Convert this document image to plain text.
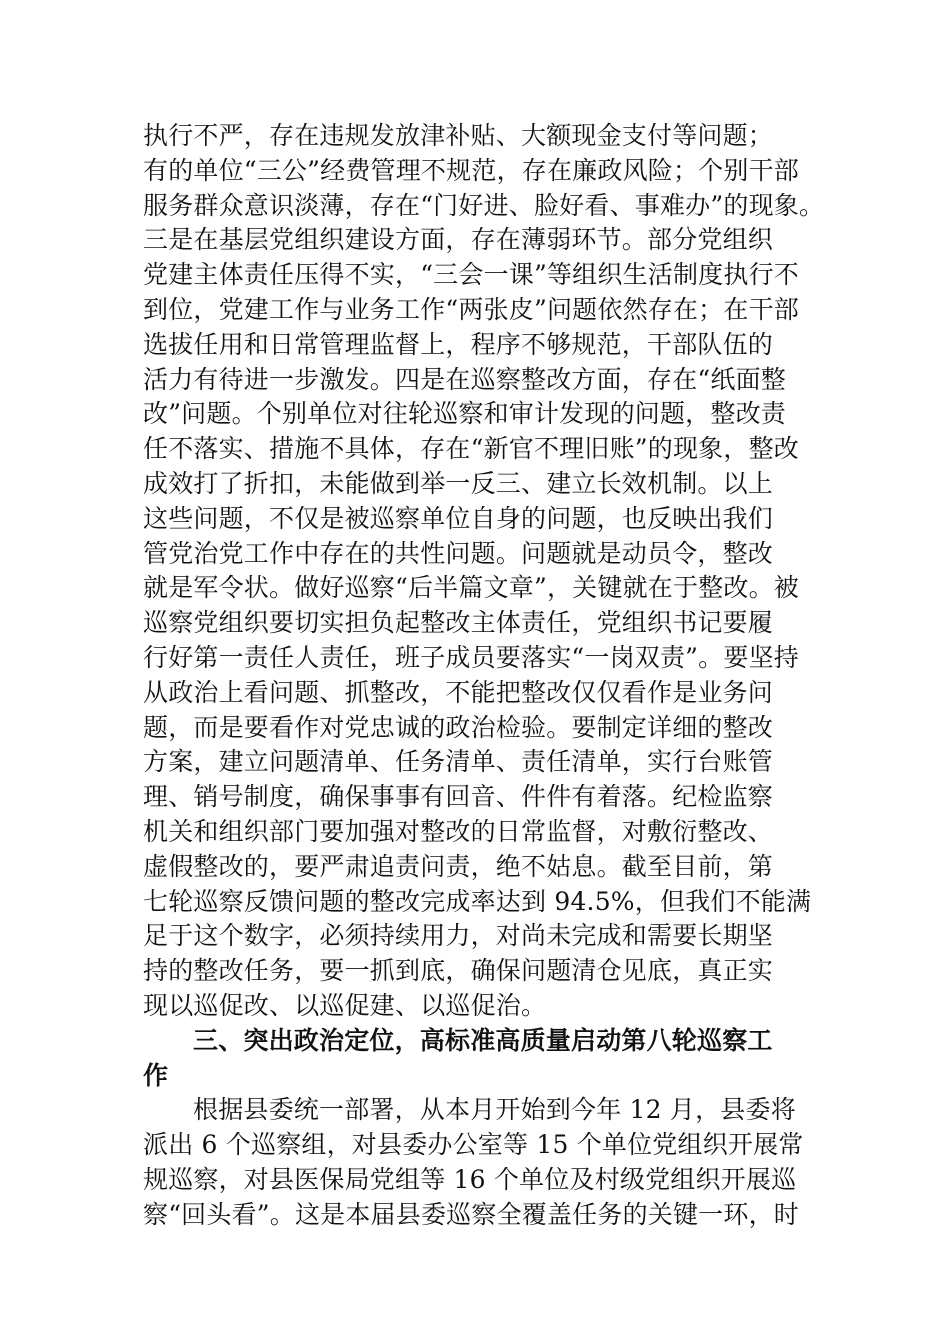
执行不严，存在违规发放津补贴、大额现金支付等问题；
有的单位“三公”经费管理不规范，存在廉政风险；个别干部
服务群众意识淡薄，存在“门好进、脸好看、事难办”的现象。
三是在基层党组织建设方面，存在薄弱环节。部分党组织
党建主体责任压得不实，“三会一课”等组织生活制度执行不
到位，党建工作与业务工作“两张皮”问题依然存在；在干部
选拔任用和日常管理监督上，程序不够规范，干部队伍的
活力有待进一步激发。四是在巡察整改方面，存在“纸面整
改”问题。个别单位对往轮巡察和审计发现的问题，整改责
任不落实、措施不具体，存在“新官不理旧账”的现象，整改
成效打了折扣，未能做到举一反三、建立长效机制。以上
这些问题，不仅是被巡察单位自身的问题，也反映出我们
管党治党工作中存在的共性问题。问题就是动员令，整改
就是军令状。做好巡察“后半篇文章”，关键就在于整改。被
巡察党组织要切实担负起整改主体责任，党组织书记要履
行好第一责任人责任，班子成员要落实“一岗双责”。要坚持
从政治上看问题、抓整改，不能把整改仅仅看作是业务问
题，而是要看作对党忠诚的政治检验。要制定详细的整改
方案，建立问题清单、任务清单、责任清单，实行台账管
理、销号制度，确保事事有回音、件件有着落。纪检监察
机关和组织部门要加强对整改的日常监督，对敷衍整改、
虚假整改的，要严肃追责问责，绝不姑息。截至目前，第
七轮巡察反馈问题的整改完成率达到 94.5%，但我们不能满
足于这个数字，必须持续用力，对尚未完成和需要长期坚
持的整改任务，要一抓到底，确保问题清仓见底，真正实
现以巡促改、以巡促建、以巡促治。
三、突出政治定位，高标准高质量启动第八轮巡察工
作
根据县委统一部署，从本月开始到今年 12 月，县委将
派出 6 个巡察组，对县委办公室等 15 个单位党组织开展常
规巡察，对县医保局党组等 16 个单位及村级党组织开展巡
察“回头看”。这是本届县委巡察全覆盖任务的关键一环，时
